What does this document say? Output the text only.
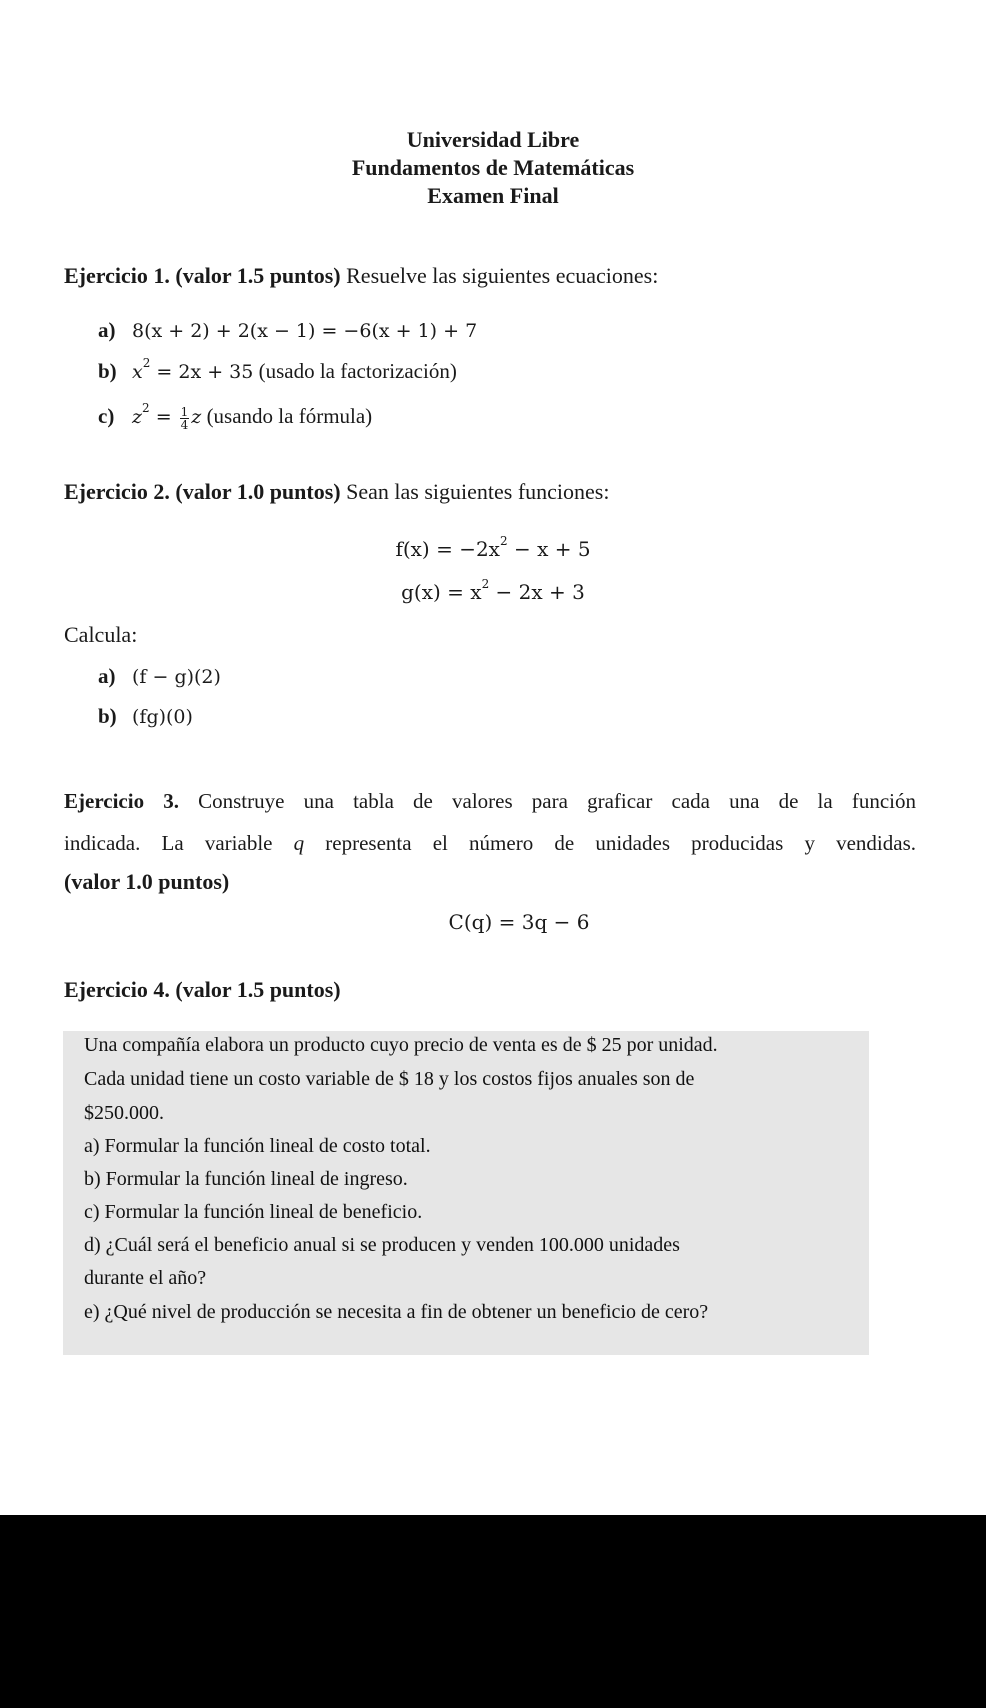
Universidad Libre
Fundamentos de Matemáticas
Examen Final
Ejercicio 1. (valor 1.5 puntos) Resuelve las siguientes ecuaciones:
a) 8(x + 2) + 2(x − 1) = −6(x + 1) + 7
b) $x^2 = 2x + 35$ (usado la factorización)
c) $z^2 = \frac{1}{4}$ z (usando la fórmula)
Ejercicio 2. (valor 1.0 puntos) Sean las siguientes funciones:
$f(x) = -2x^2 - x + 5$
$g(x) = x^2 - 2x + 3$
Calcula:
a) (f − g)(2)
b) (fg)(0)
Ejercicio 3. Construye una tabla de valores para graficar cada una de la función
indicada. La variable q representa el número de unidades producidas y vendidas.
(valor 1.0 puntos)
C(q) = 3q − 6
Ejercicio 4. (valor 1.5 puntos)
Una compañía elabora un producto cuyo precio de venta es de $ 25 por unidad.
Cada unidad tiene un costo variable de $ 18 y los costos fijos anuales son de
$250.000.
a) Formular la función lineal de costo total.
b) Formular la función lineal de ingreso.
c) Formular la función lineal de beneficio.
d) ¿Cuál será el beneficio anual si se producen y venden 100.000 unidades
durante el año?
e) ¿Qué nivel de producción se necesita a fin de obtener un beneficio de cero?
